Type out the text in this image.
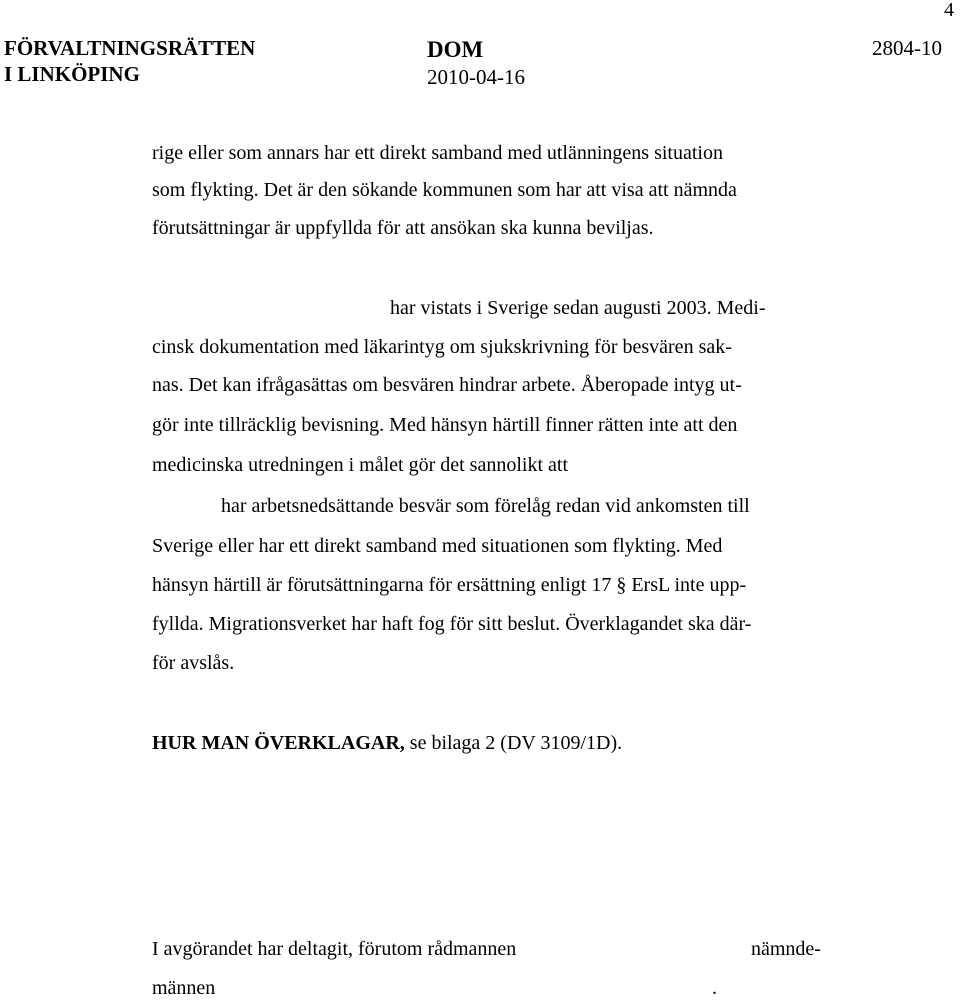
4
FÖRVALTNINGSRÄTTEN
I LINKÖPING
DOM
2010-04-16
2804-10
rige eller som annars har ett direkt samband med utlänningens situation
som flykting. Det är den sökande kommunen som har att visa att nämnda
förutsättningar är uppfyllda för att ansökan ska kunna beviljas.
har vistats i Sverige sedan augusti 2003. Medi-
cinsk dokumentation med läkarintyg om sjukskrivning för besvären sak-
nas. Det kan ifrågasättas om besvären hindrar arbete. Åberopade intyg ut-
gör inte tillräcklig bevisning. Med hänsyn härtill finner rätten inte att den
medicinska utredningen i målet gör det sannolikt att
har arbetsnedsättande besvär som förelåg redan vid ankomsten till
Sverige eller har ett direkt samband med situationen som flykting. Med
hänsyn härtill är förutsättningarna för ersättning enligt 17 § ErsL inte upp-
fyllda. Migrationsverket har haft fog för sitt beslut. Överklagandet ska där-
för avslås.
HUR MAN ÖVERKLAGAR, se bilaga 2 (DV 3109/1D).
I avgörandet har deltagit, förutom rådmannen	nämnde-
männen	.
